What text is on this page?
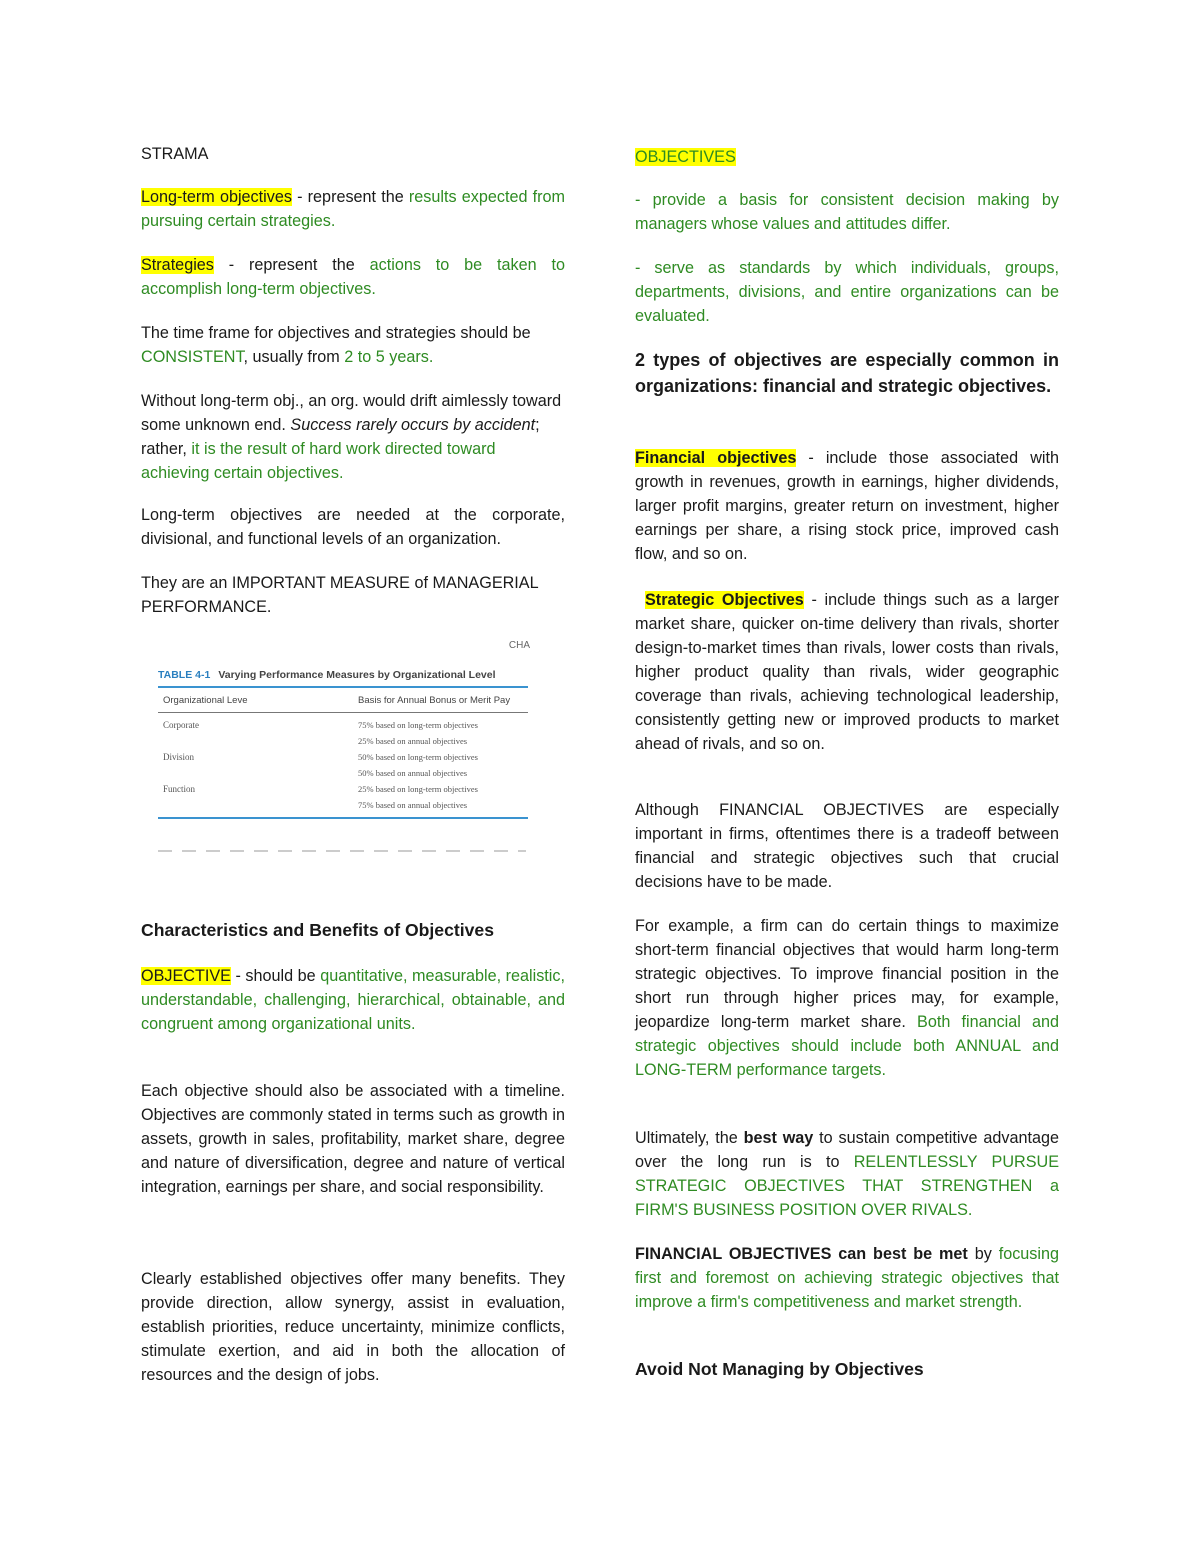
STRAMA

Long-term objectives - represent the results expected from pursuing certain strategies.

Strategies - represent the actions to be taken to accomplish long-term objectives.

The time frame for objectives and strategies should be CONSISTENT, usually from 2 to 5 years.

Without long-term obj., an org. would drift aimlessly toward some unknown end. Success rarely occurs by accident; rather, it is the result of hard work directed toward achieving certain objectives.

Long-term objectives are needed at the corporate, divisional, and functional levels of an organization.

They are an IMPORTANT MEASURE of MANAGERIAL PERFORMANCE.

Characteristics and Benefits of Objectives

OBJECTIVE - should be quantitative, measurable, realistic, understandable, challenging, hierarchical, obtainable, and congruent among organizational units.

Each objective should also be associated with a timeline. Objectives are commonly stated in terms such as growth in assets, growth in sales, profitability, market share, degree and nature of diversification, degree and nature of vertical integration, earnings per share, and social responsibility.

Clearly established objectives offer many benefits. They provide direction, allow synergy, assist in evaluation, establish priorities, reduce uncertainty, minimize conflicts, stimulate exertion, and aid in both the allocation of resources and the design of jobs.

CHA
TABLE 4-1 Varying Performance Measures by Organizational Level
Organizational Leve	Basis for Annual Bonus or Merit Pay
Corporate	75% based on long-term objectives
25% based on annual objectives
Division	50% based on long-term objectives
50% based on annual objectives
Function	25% based on long-term objectives
75% based on annual objectives

OBJECTIVES

- provide a basis for consistent decision making by managers whose values and attitudes differ.

- serve as standards by which individuals, groups, departments, divisions, and entire organizations can be evaluated.

2 types of objectives are especially common in organizations: financial and strategic objectives.

Financial objectives - include those associated with growth in revenues, growth in earnings, higher dividends, larger profit margins, greater return on investment, higher earnings per share, a rising stock price, improved cash flow, and so on.

Strategic Objectives - include things such as a larger market share, quicker on-time delivery than rivals, shorter design-to-market times than rivals, lower costs than rivals, higher product quality than rivals, wider geographic coverage than rivals, achieving technological leadership, consistently getting new or improved products to market ahead of rivals, and so on.

Although FINANCIAL OBJECTIVES are especially important in firms, oftentimes there is a tradeoff between financial and strategic objectives such that crucial decisions have to be made.

For example, a firm can do certain things to maximize short-term financial objectives that would harm long-term strategic objectives. To improve financial position in the short run through higher prices may, for example, jeopardize long-term market share. Both financial and strategic objectives should include both ANNUAL and LONG-TERM performance targets.

Ultimately, the best way to sustain competitive advantage over the long run is to RELENTLESSLY PURSUE STRATEGIC OBJECTIVES THAT STRENGTHEN a FIRM'S BUSINESS POSITION OVER RIVALS.

FINANCIAL OBJECTIVES can best be met by focusing first and foremost on achieving strategic objectives that improve a firm's competitiveness and market strength.

Avoid Not Managing by Objectives
